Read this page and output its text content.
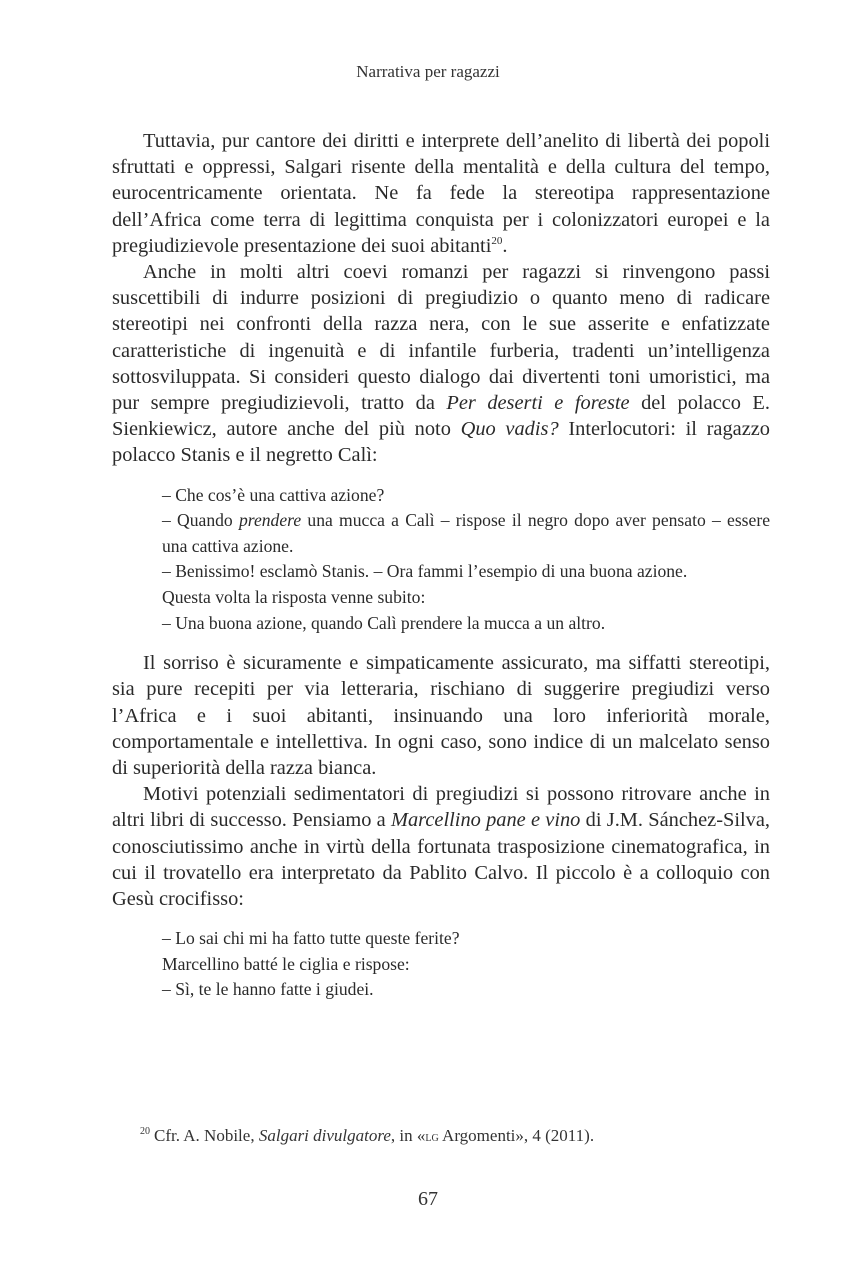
Narrativa per ragazzi

Tuttavia, pur cantore dei diritti e interprete dell’anelito di libertà dei popoli sfruttati e oppressi, Salgari risente della mentalità e della cultura del tempo, eurocentricamente orientata. Ne fa fede la stereotipa rappresentazione dell’Africa come terra di legittima conquista per i colonizzatori europei e la pregiudizievole presentazione dei suoi abitanti$^{20}$.

Anche in molti altri coevi romanzi per ragazzi si rinvengono passi suscettibili di indurre posizioni di pregiudizio o quanto meno di radicare stereotipi nei confronti della razza nera, con le sue asserite e enfatizzate caratteristiche di ingenuità e di infantile furberia, tradenti un’intelligenza sottosviluppata. Si consideri questo dialogo dai divertenti toni umoristici, ma pur sempre pregiudizievoli, tratto da Per deserti e foreste del polacco E. Sienkiewicz, autore anche del più noto Quo vadis? Interlocutori: il ragazzo polacco Stanis e il negretto Calì:

– Che cos’è una cattiva azione?
– Quando prendere una mucca a Calì – rispose il negro dopo aver pensato – essere una cattiva azione.
– Benissimo! esclamò Stanis. – Ora fammi l’esempio di una buona azione.
Questa volta la risposta venne subito:
– Una buona azione, quando Calì prendere la mucca a un altro.

Il sorriso è sicuramente e simpaticamente assicurato, ma siffatti stereotipi, sia pure recepiti per via letteraria, rischiano di suggerire pregiudizi verso l’Africa e i suoi abitanti, insinuando una loro inferiorità morale, comportamentale e intellettiva. In ogni caso, sono indice di un malcelato senso di superiorità della razza bianca.

Motivi potenziali sedimentatori di pregiudizi si possono ritrovare anche in altri libri di successo. Pensiamo a Marcellino pane e vino di J.M. Sánchez-Silva, conosciutissimo anche in virtù della fortunata trasposizione cinematografica, in cui il trovatello era interpretato da Pablito Calvo. Il piccolo è a colloquio con Gesù crocifisso:

– Lo sai chi mi ha fatto tutte queste ferite?
Marcellino batté le ciglia e rispose:
– Sì, te le hanno fatte i giudei.
$^{20}$ Cfr. A. Nobile, Salgari divulgatore, in «lg Argomenti», 4 (2011).
67
